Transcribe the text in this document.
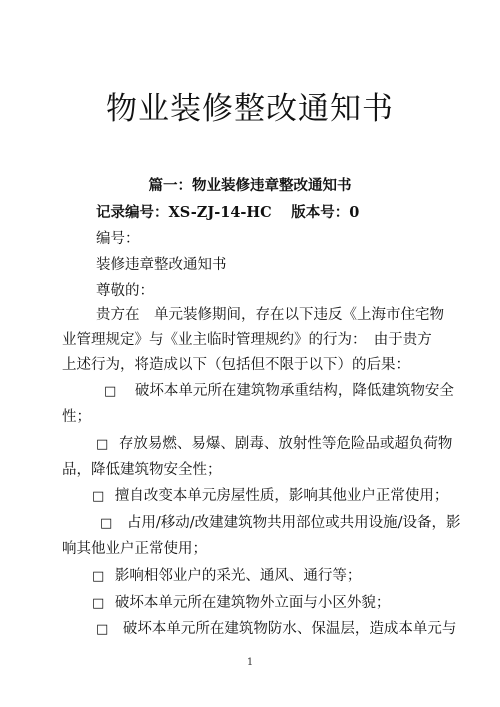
物业装修整改通知书
篇一：物业装修违章整改通知书
记录编号：XS-ZJ-14-HC　 版本号：0
编号：
装修违章整改通知书
尊敬的：
贵方在　单元装修期间，存在以下违反《上海市住宅物
业管理规定》与《业主临时管理规约》的行为：　由于贵方
上述行为，将造成以下（包括但不限于以下）的后果：
□ 破坏本单元所在建筑物承重结构，降低建筑物安全
性；
□ 存放易燃、易爆、剧毒、放射性等危险品或超负荷物
品，降低建筑物安全性；
□ 擅自改变本单元房屋性质，影响其他业户正常使用；
□ 占用/移动/改建建筑物共用部位或共用设施/设备，影
响其他业户正常使用；
□ 影响相邻业户的采光、通风、通行等；
□ 破坏本单元所在建筑物外立面与小区外貌；
□ 破坏本单元所在建筑物防水、保温层，造成本单元与
1
